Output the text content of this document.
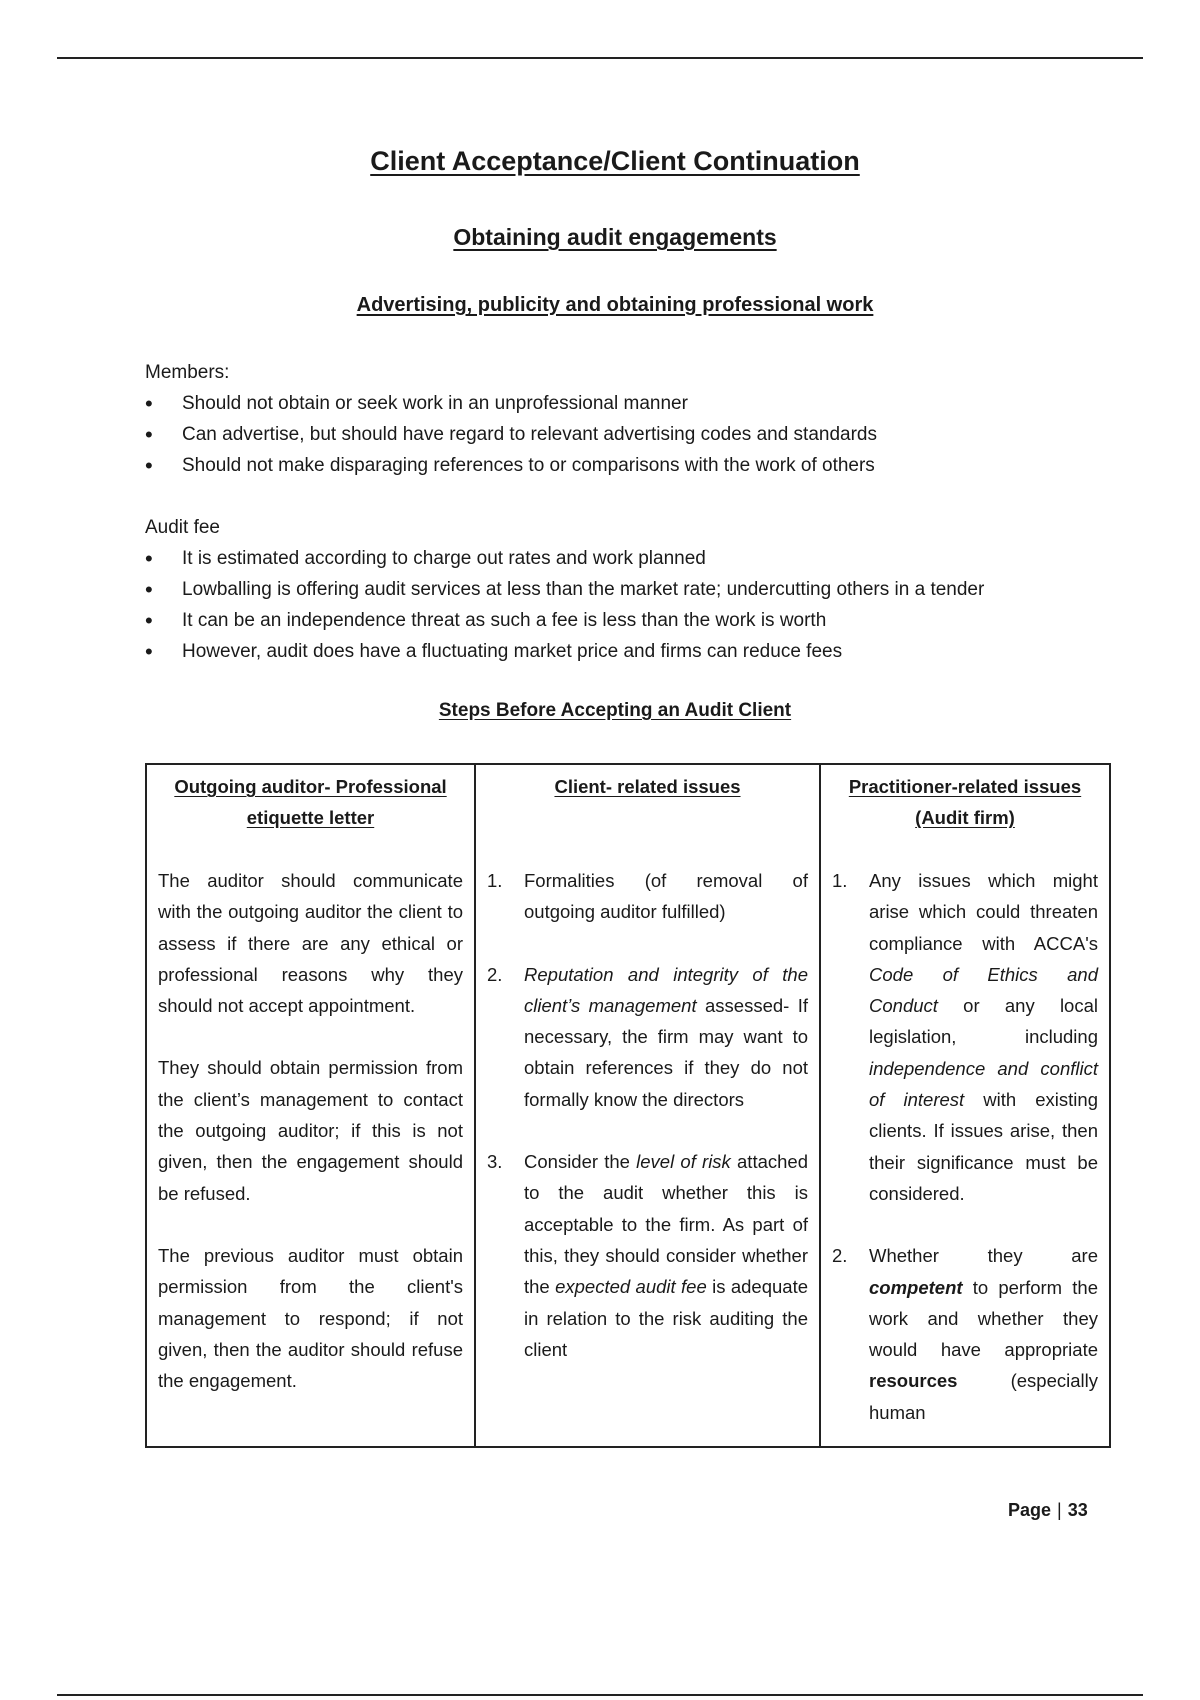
Client Acceptance/Client Continuation
Obtaining audit engagements
Advertising, publicity and obtaining professional work
Members:
• Should not obtain or seek work in an unprofessional manner
• Can advertise, but should have regard to relevant advertising codes and standards
• Should not make disparaging references to or comparisons with the work of others
Audit fee
• It is estimated according to charge out rates and work planned
• Lowballing is offering audit services at less than the market rate; undercutting others in a tender
• It can be an independence threat as such a fee is less than the work is worth
• However, audit does have a fluctuating market price and firms can reduce fees
Steps Before Accepting an Audit Client
Outgoing auditor- Professional etiquette letter

The auditor should communicate with the outgoing auditor the client to assess if there are any ethical or professional reasons why they should not accept appointment.

They should obtain permission from the client’s management to contact the outgoing auditor; if this is not given, then the engagement should be refused.

The previous auditor must obtain permission from the client's management to respond; if not given, then the auditor should refuse the engagement.

Client- related issues
1. Formalities (of removal of outgoing auditor fulfilled)
2. Reputation and integrity of the client’s management assessed- If necessary, the firm may want to obtain references if they do not formally know the directors
3. Consider the level of risk attached to the audit whether this is acceptable to the firm. As part of this, they should consider whether the expected audit fee is adequate in relation to the risk auditing the client
Practitioner-related issues
(Audit firm)
1. Any issues which might arise which could threaten compliance with ACCA's Code of Ethics and Conduct or any local legislation, including independence and conflict of interest with existing clients. If issues arise, then their significance must be considered.
2. Whether they are competent to perform the work and whether they would have appropriate resources (especially human
Page | 33
